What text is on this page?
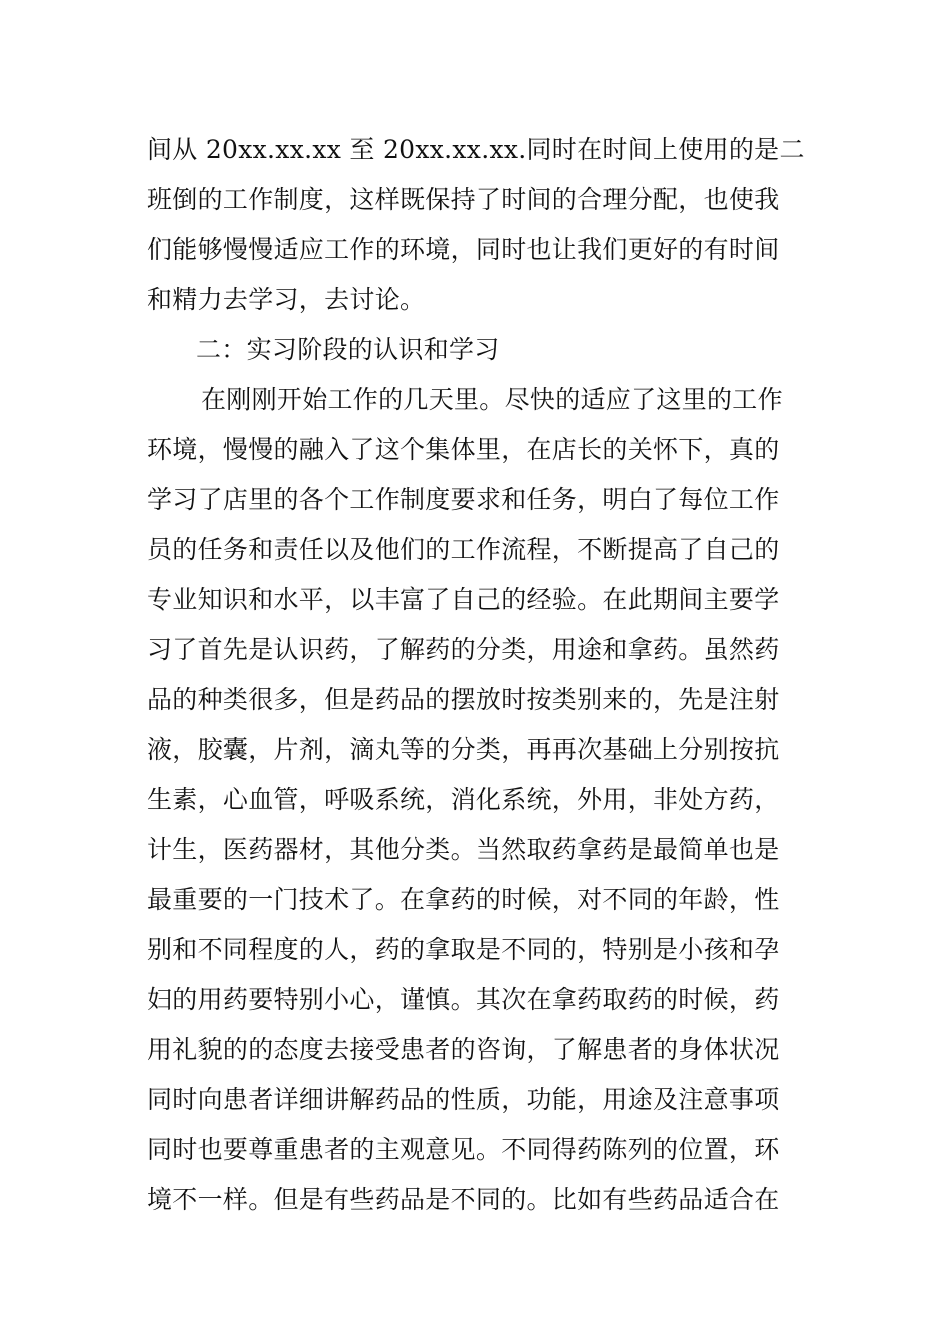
间从 20xx.xx.xx 至 20xx.xx.xx.同时在时间上使用的是二
班倒的工作制度，这样既保持了时间的合理分配，也使我
们能够慢慢适应工作的环境，同时也让我们更好的有时间
和精力去学习，去讨论。
二：实习阶段的认识和学习
在刚刚开始工作的几天里。尽快的适应了这里的工作
环境，慢慢的融入了这个集体里，在店长的关怀下，真的
学习了店里的各个工作制度要求和任务，明白了每位工作
员的任务和责任以及他们的工作流程，不断提高了自己的
专业知识和水平，以丰富了自己的经验。在此期间主要学
习了首先是认识药，了解药的分类，用途和拿药。虽然药
品的种类很多，但是药品的摆放时按类别来的，先是注射
液，胶囊，片剂，滴丸等的分类，再再次基础上分别按抗
生素，心血管，呼吸系统，消化系统，外用，非处方药，
计生，医药器材，其他分类。当然取药拿药是最简单也是
最重要的一门技术了。在拿药的时候，对不同的年龄，性
别和不同程度的人，药的拿取是不同的，特别是小孩和孕
妇的用药要特别小心，谨慎。其次在拿药取药的时候，药
用礼貌的的态度去接受患者的咨询，了解患者的身体状况
同时向患者详细讲解药品的性质，功能，用途及注意事项
同时也要尊重患者的主观意见。不同得药陈列的位置，环
境不一样。但是有些药品是不同的。比如有些药品适合在
